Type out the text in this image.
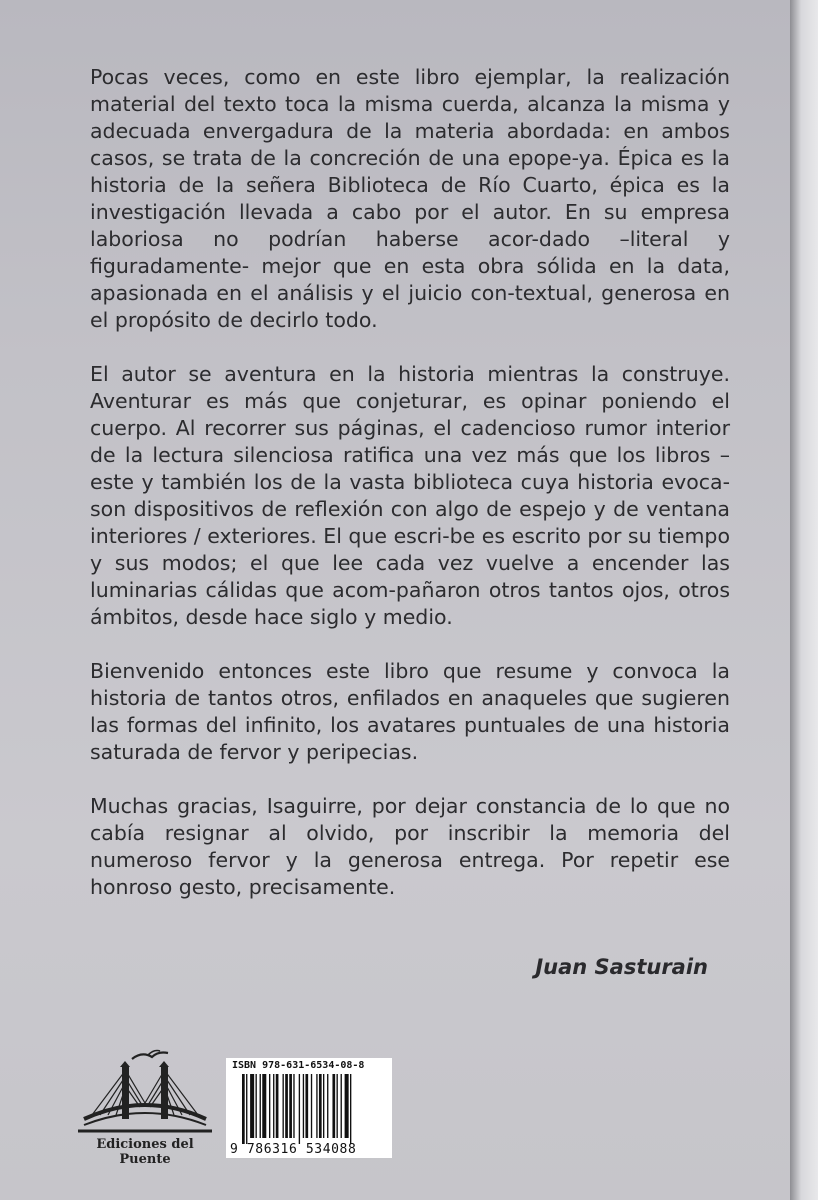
Pocas veces, como en este libro ejemplar, la realización material del texto toca la misma cuerda, alcanza la misma y adecuada envergadura de la materia abordada: en ambos casos, se trata de la concreción de una epope-ya. Épica es la historia de la señera Biblioteca de Río Cuarto, épica es la investigación llevada a cabo por el autor. En su empresa laboriosa no podrían haberse acor-dado –literal y figuradamente- mejor que en esta obra sólida en la data, apasionada en el análisis y el juicio con-textual, generosa en el propósito de decirlo todo.

El autor se aventura en la historia mientras la construye. Aventurar es más que conjeturar, es opinar poniendo el cuerpo. Al recorrer sus páginas, el cadencioso rumor interior de la lectura silenciosa ratifica una vez más que los libros –este y también los de la vasta biblioteca cuya historia evoca- son dispositivos de reflexión con algo de espejo y de ventana interiores / exteriores. El que escri-be es escrito por su tiempo y sus modos; el que lee cada vez vuelve a encender las luminarias cálidas que acom-pañaron otros tantos ojos, otros ámbitos, desde hace siglo y medio.

Bienvenido entonces este libro que resume y convoca la historia de tantos otros, enfilados en anaqueles que sugieren las formas del infinito, los avatares puntuales de una historia saturada de fervor y peripecias.

Muchas gracias, Isaguirre, por dejar constancia de lo que no cabía resignar al olvido, por inscribir la memoria del numeroso fervor y la generosa entrega. Por repetir ese honroso gesto, precisamente.

Juan Sasturain
Ediciones del Puente
ISBN 978-631-6534-08-8
9 786316 534088
